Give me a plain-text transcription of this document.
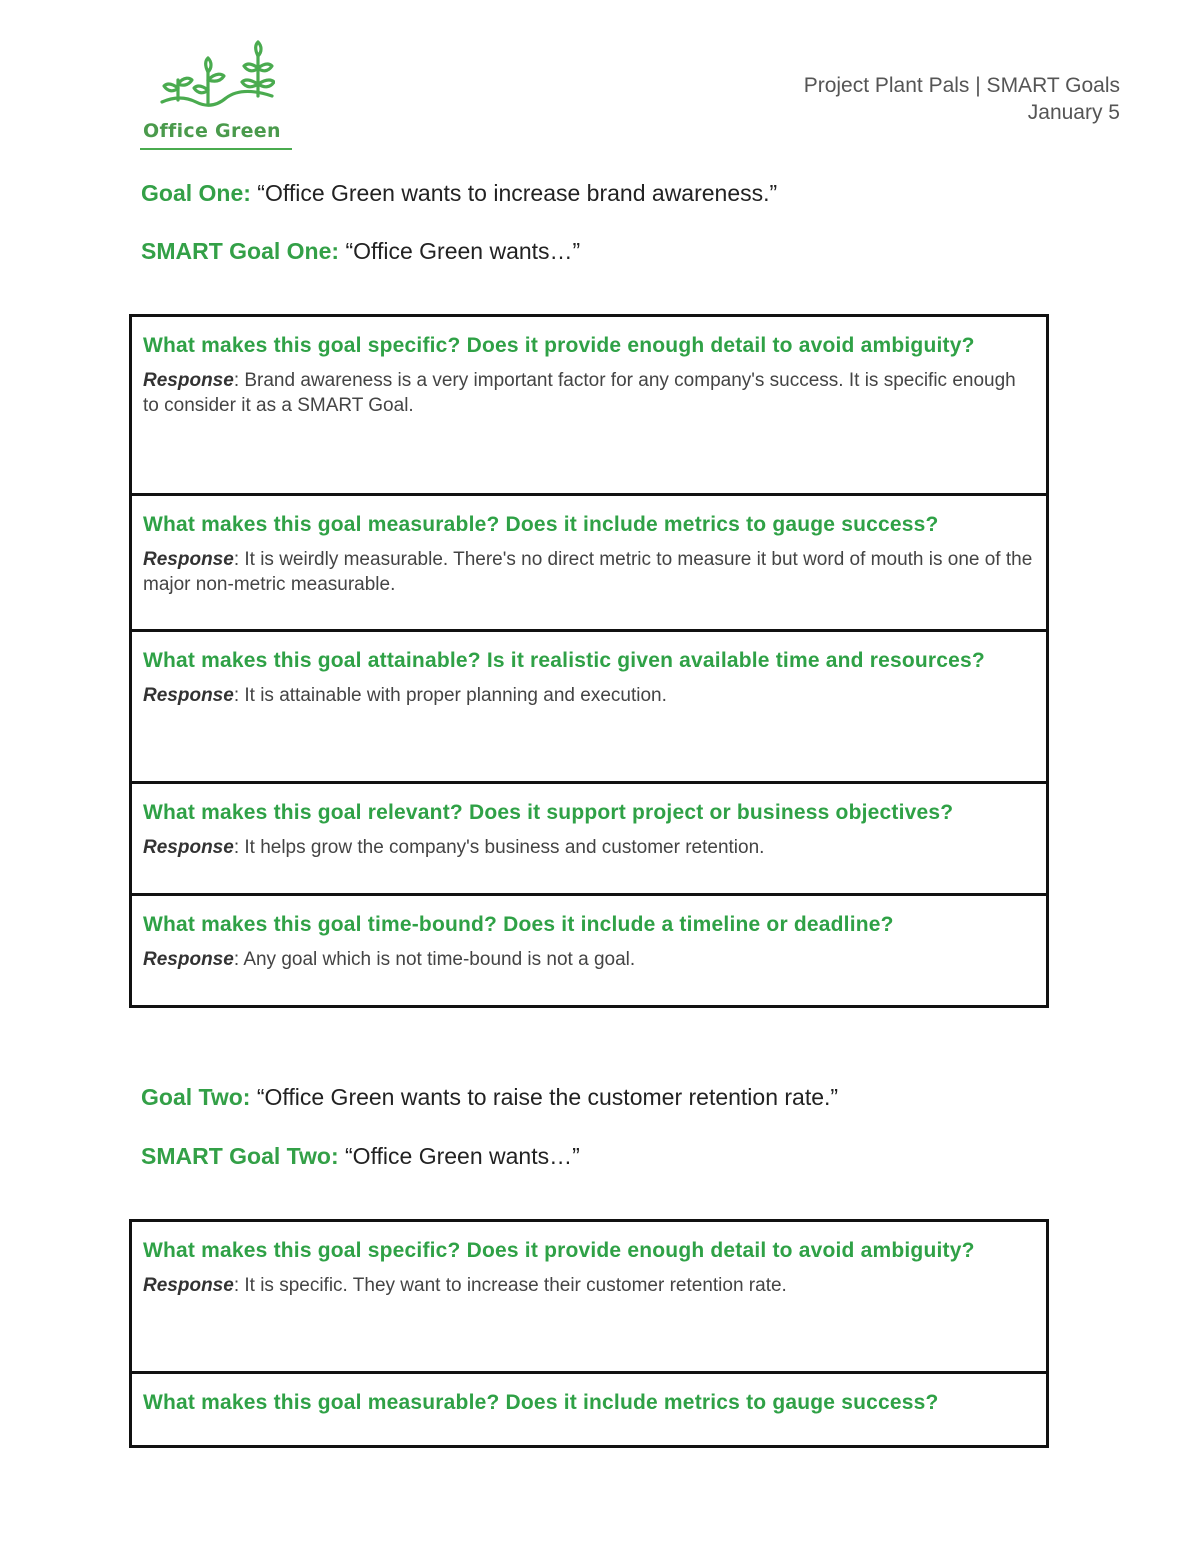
Office Green
Project Plant Pals | SMART Goals
January 5
Goal One: “Office Green wants to increase brand awareness.”
SMART Goal One: “Office Green wants…”
What makes this goal specific? Does it provide enough detail to avoid ambiguity?
Response: Brand awareness is a very important factor for any company's success. It is specific enough to consider it as a SMART Goal.

What makes this goal measurable? Does it include metrics to gauge success?
Response: It is weirdly measurable. There's no direct metric to measure it but word of mouth is one of the major non-metric measurable.

What makes this goal attainable? Is it realistic given available time and resources?
Response: It is attainable with proper planning and execution.

What makes this goal relevant? Does it support project or business objectives?
Response: It helps grow the company's business and customer retention.

What makes this goal time-bound? Does it include a timeline or deadline?
Response: Any goal which is not time-bound is not a goal.
Goal Two: “Office Green wants to raise the customer retention rate.”
SMART Goal Two: “Office Green wants…”
What makes this goal specific? Does it provide enough detail to avoid ambiguity?
Response: It is specific. They want to increase their customer retention rate.

What makes this goal measurable? Does it include metrics to gauge success?
